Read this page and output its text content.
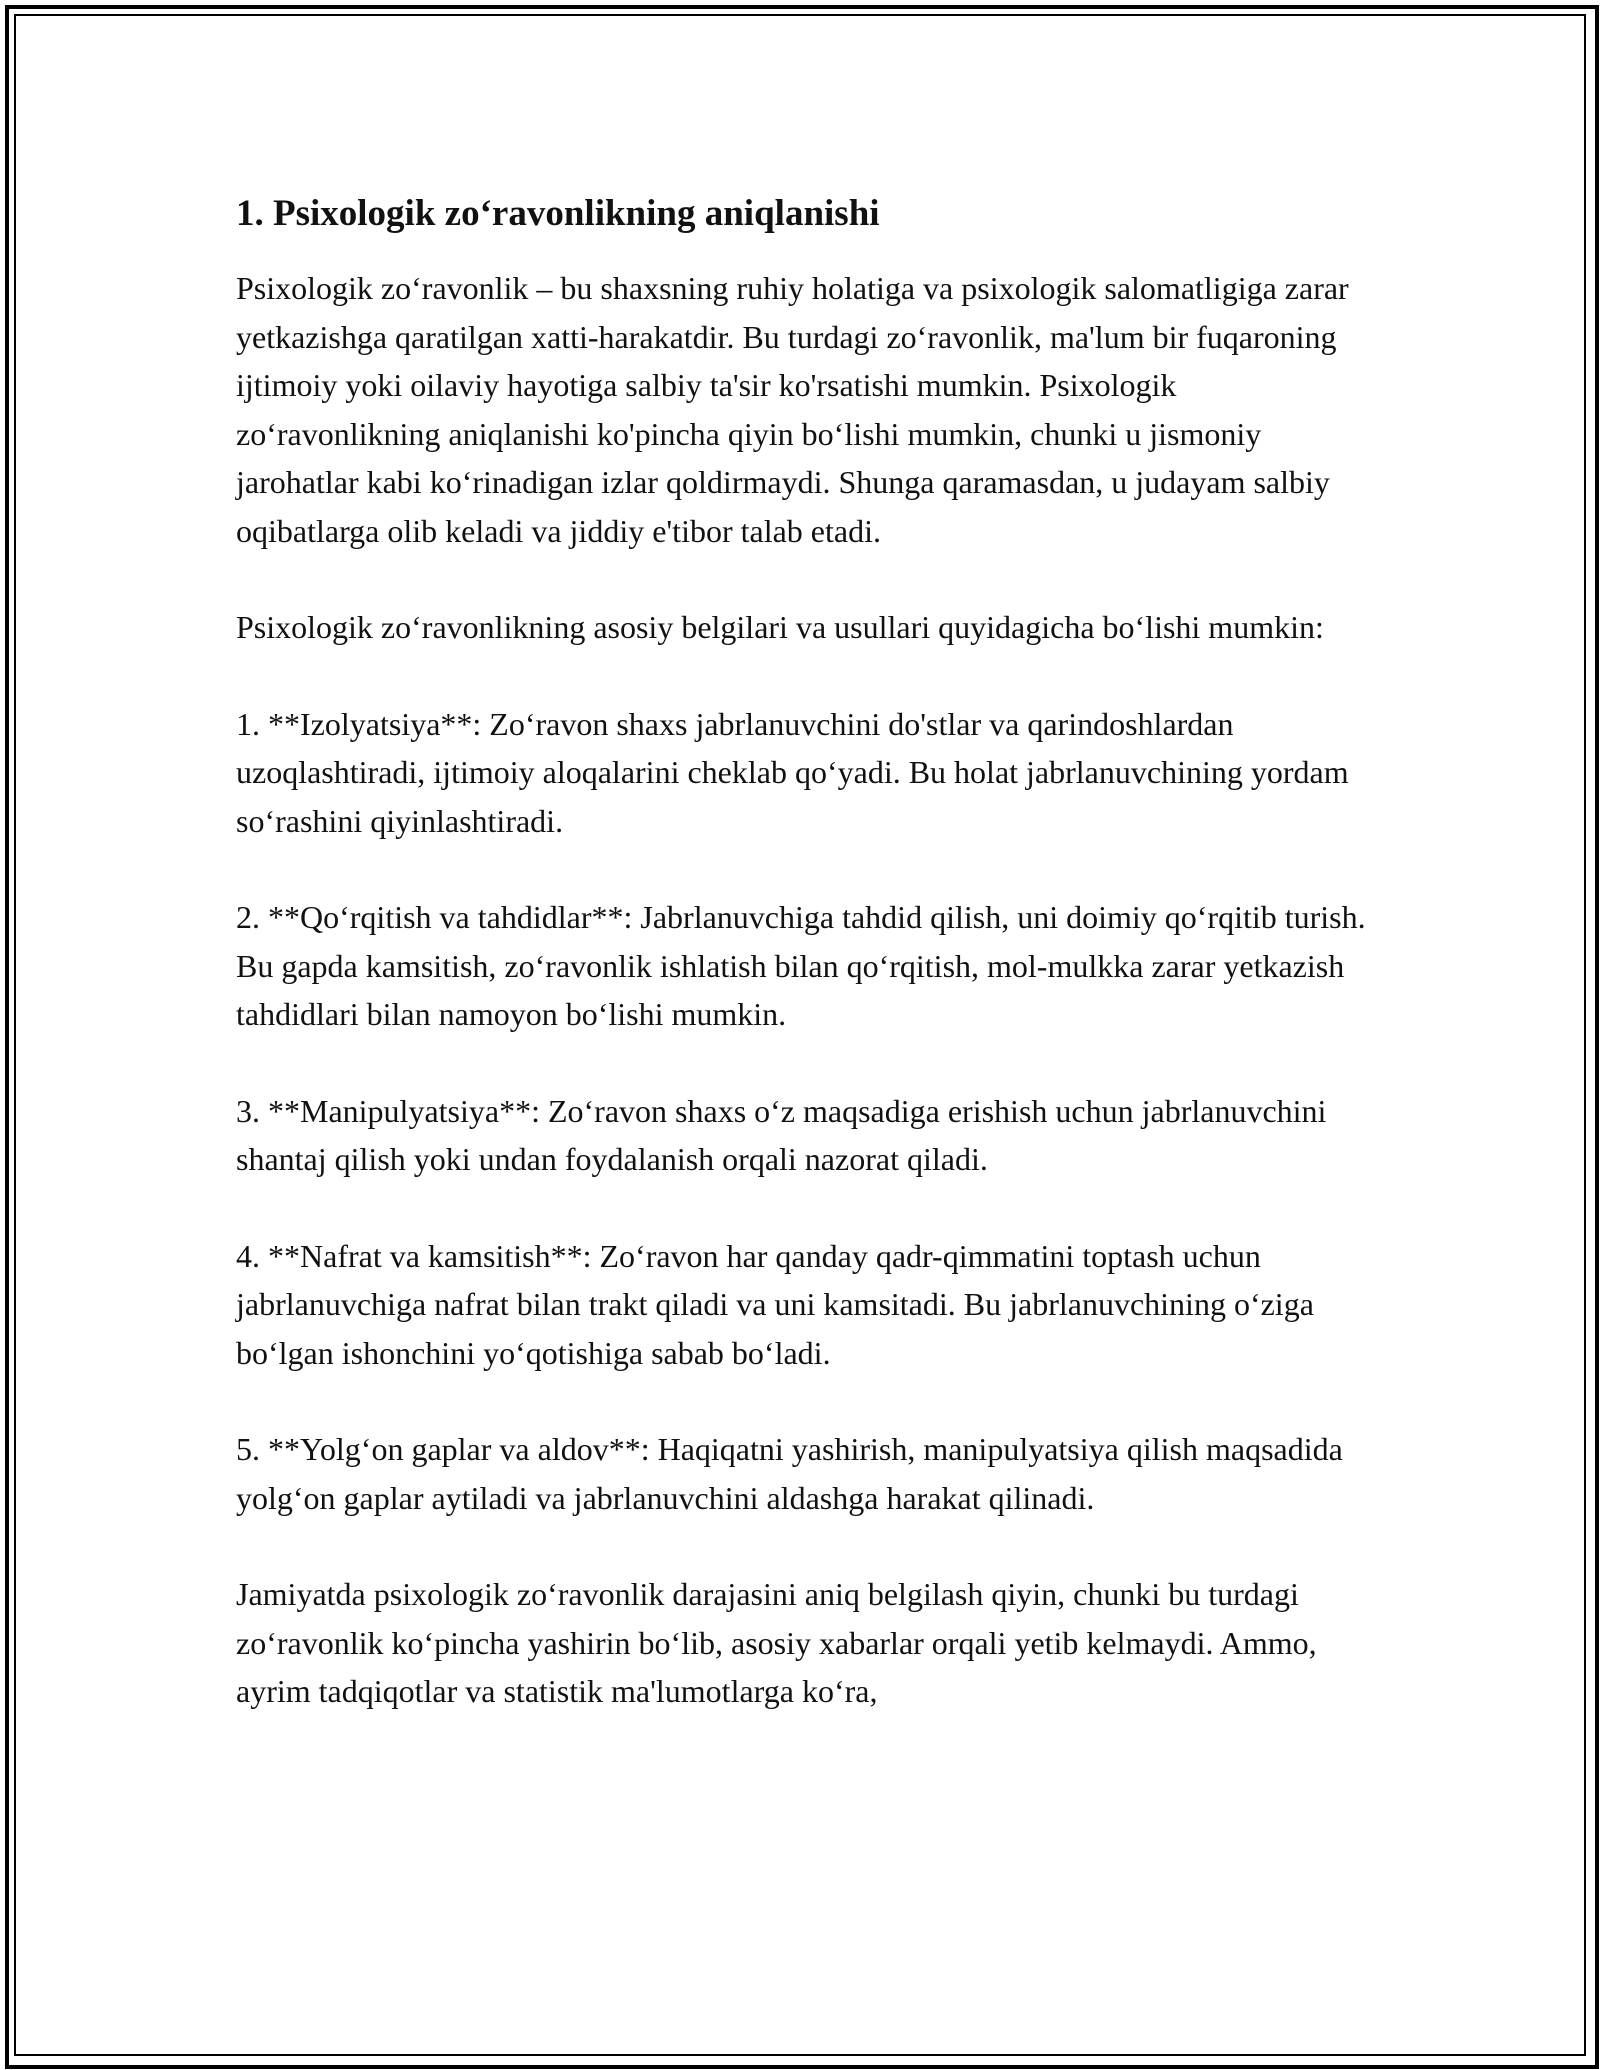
1. Psixologik zo‘ravonlikning aniqlanishi

Psixologik zo‘ravonlik – bu shaxsning ruhiy holatiga va psixologik salomatligiga zarar yetkazishga qaratilgan xatti-harakatdir. Bu turdagi zo‘ravonlik, ma'lum bir fuqaroning ijtimoiy yoki oilaviy hayotiga salbiy ta'sir ko'rsatishi mumkin. Psixologik zo‘ravonlikning aniqlanishi ko'pincha qiyin bo‘lishi mumkin, chunki u jismoniy jarohatlar kabi ko‘rinadigan izlar qoldirmaydi. Shunga qaramasdan, u judayam salbiy oqibatlarga olib keladi va jiddiy e'tibor talab etadi.

Psixologik zo‘ravonlikning asosiy belgilari va usullari quyidagicha bo‘lishi mumkin:

1. **Izolyatsiya**: Zo‘ravon shaxs jabrlanuvchini do'stlar va qarindoshlardan uzoqlashtiradi, ijtimoiy aloqalarini cheklab qo‘yadi. Bu holat jabrlanuvchining yordam so‘rashini qiyinlashtiradi.

2. **Qo‘rqitish va tahdidlar**: Jabrlanuvchiga tahdid qilish, uni doimiy qo‘rqitib turish. Bu gapda kamsitish, zo‘ravonlik ishlatish bilan qo‘rqitish, mol-mulkka zarar yetkazish tahdidlari bilan namoyon bo‘lishi mumkin.

3. **Manipulyatsiya**: Zo‘ravon shaxs o‘z maqsadiga erishish uchun jabrlanuvchini shantaj qilish yoki undan foydalanish orqali nazorat qiladi.

4. **Nafrat va kamsitish**: Zo‘ravon har qanday qadr-qimmatini toptash uchun jabrlanuvchiga nafrat bilan trakt qiladi va uni kamsitadi. Bu jabrlanuvchining o‘ziga bo‘lgan ishonchini yo‘qotishiga sabab bo‘ladi.

5. **Yolg‘on gaplar va aldov**: Haqiqatni yashirish, manipulyatsiya qilish maqsadida yolg‘on gaplar aytiladi va jabrlanuvchini aldashga harakat qilinadi.

Jamiyatda psixologik zo‘ravonlik darajasini aniq belgilash qiyin, chunki bu turdagi zo‘ravonlik ko‘pincha yashirin bo‘lib, asosiy xabarlar orqali yetib kelmaydi. Ammo, ayrim tadqiqotlar va statistik ma'lumotlarga ko‘ra,
